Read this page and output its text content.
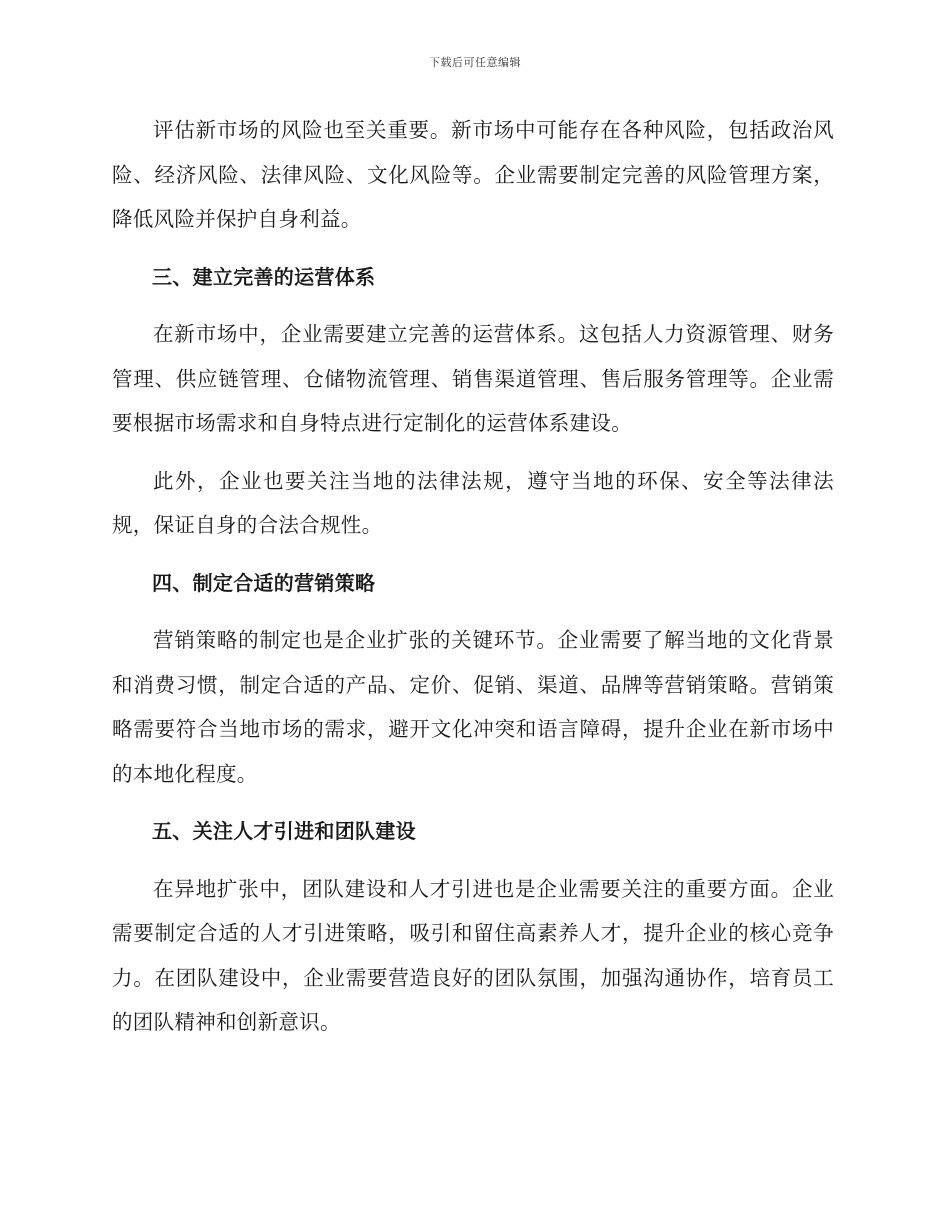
下载后可任意编辑

评估新市场的风险也至关重要。新市场中可能存在各种风险，包括政治风险、经济风险、法律风险、文化风险等。企业需要制定完善的风险管理方案，降低风险并保护自身利益。

三、建立完善的运营体系

在新市场中，企业需要建立完善的运营体系。这包括人力资源管理、财务管理、供应链管理、仓储物流管理、销售渠道管理、售后服务管理等。企业需要根据市场需求和自身特点进行定制化的运营体系建设。

此外，企业也要关注当地的法律法规，遵守当地的环保、安全等法律法规，保证自身的合法合规性。

四、制定合适的营销策略

营销策略的制定也是企业扩张的关键环节。企业需要了解当地的文化背景和消费习惯，制定合适的产品、定价、促销、渠道、品牌等营销策略。营销策略需要符合当地市场的需求，避开文化冲突和语言障碍，提升企业在新市场中的本地化程度。

五、关注人才引进和团队建设

在异地扩张中，团队建设和人才引进也是企业需要关注的重要方面。企业需要制定合适的人才引进策略，吸引和留住高素养人才，提升企业的核心竞争力。在团队建设中，企业需要营造良好的团队氛围，加强沟通协作，培育员工的团队精神和创新意识。
